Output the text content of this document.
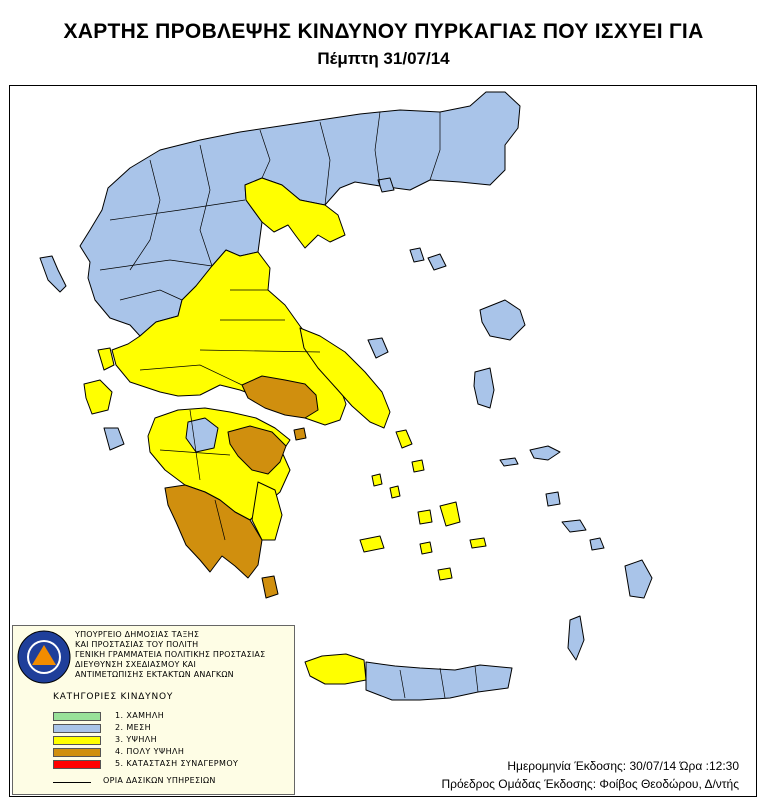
ΧΑΡΤΗΣ ΠΡΟΒΛΕΨΗΣ ΚΙΝΔΥΝΟΥ ΠΥΡΚΑΓΙΑΣ ΠΟΥ ΙΣΧΥΕΙ ΓΙΑ
Πέμπτη 31/07/14
ΥΠΟΥΡΓΕΙΟ ΔΗΜΟΣΙΑΣ ΤΑΞΗΣ
ΚΑΙ ΠΡΟΣΤΑΣΙΑΣ ΤΟΥ ΠΟΛΙΤΗ
ΓΕΝΙΚΗ ΓΡΑΜΜΑΤΕΙΑ ΠΟΛΙΤΙΚΗΣ ΠΡΟΣΤΑΣΙΑΣ
ΔΙΕΥΘΥΝΣΗ ΣΧΕΔΙΑΣΜΟΥ ΚΑΙ
ΑΝΤΙΜΕΤΩΠΙΣΗΣ ΕΚΤΑΚΤΩΝ ΑΝΑΓΚΩΝ
ΚΑΤΗΓΟΡΙΕΣ ΚΙΝΔΥΝΟΥ
1. ΧΑΜΗΛΗ
2. ΜΕΣΗ
3. ΥΨΗΛΗ
4. ΠΟΛΥ ΥΨΗΛΗ
5. ΚΑΤΑΣΤΑΣΗ ΣΥΝΑΓΕΡΜΟΥ
ΟΡΙΑ ΔΑΣΙΚΩΝ ΥΠΗΡΕΣΙΩΝ
Ημερομηνία Έκδοσης: 30/07/14 Ώρα :12:30
Πρόεδρος Ομάδας Έκδοσης: Φοίβος Θεοδώρου, Δ/ντής
